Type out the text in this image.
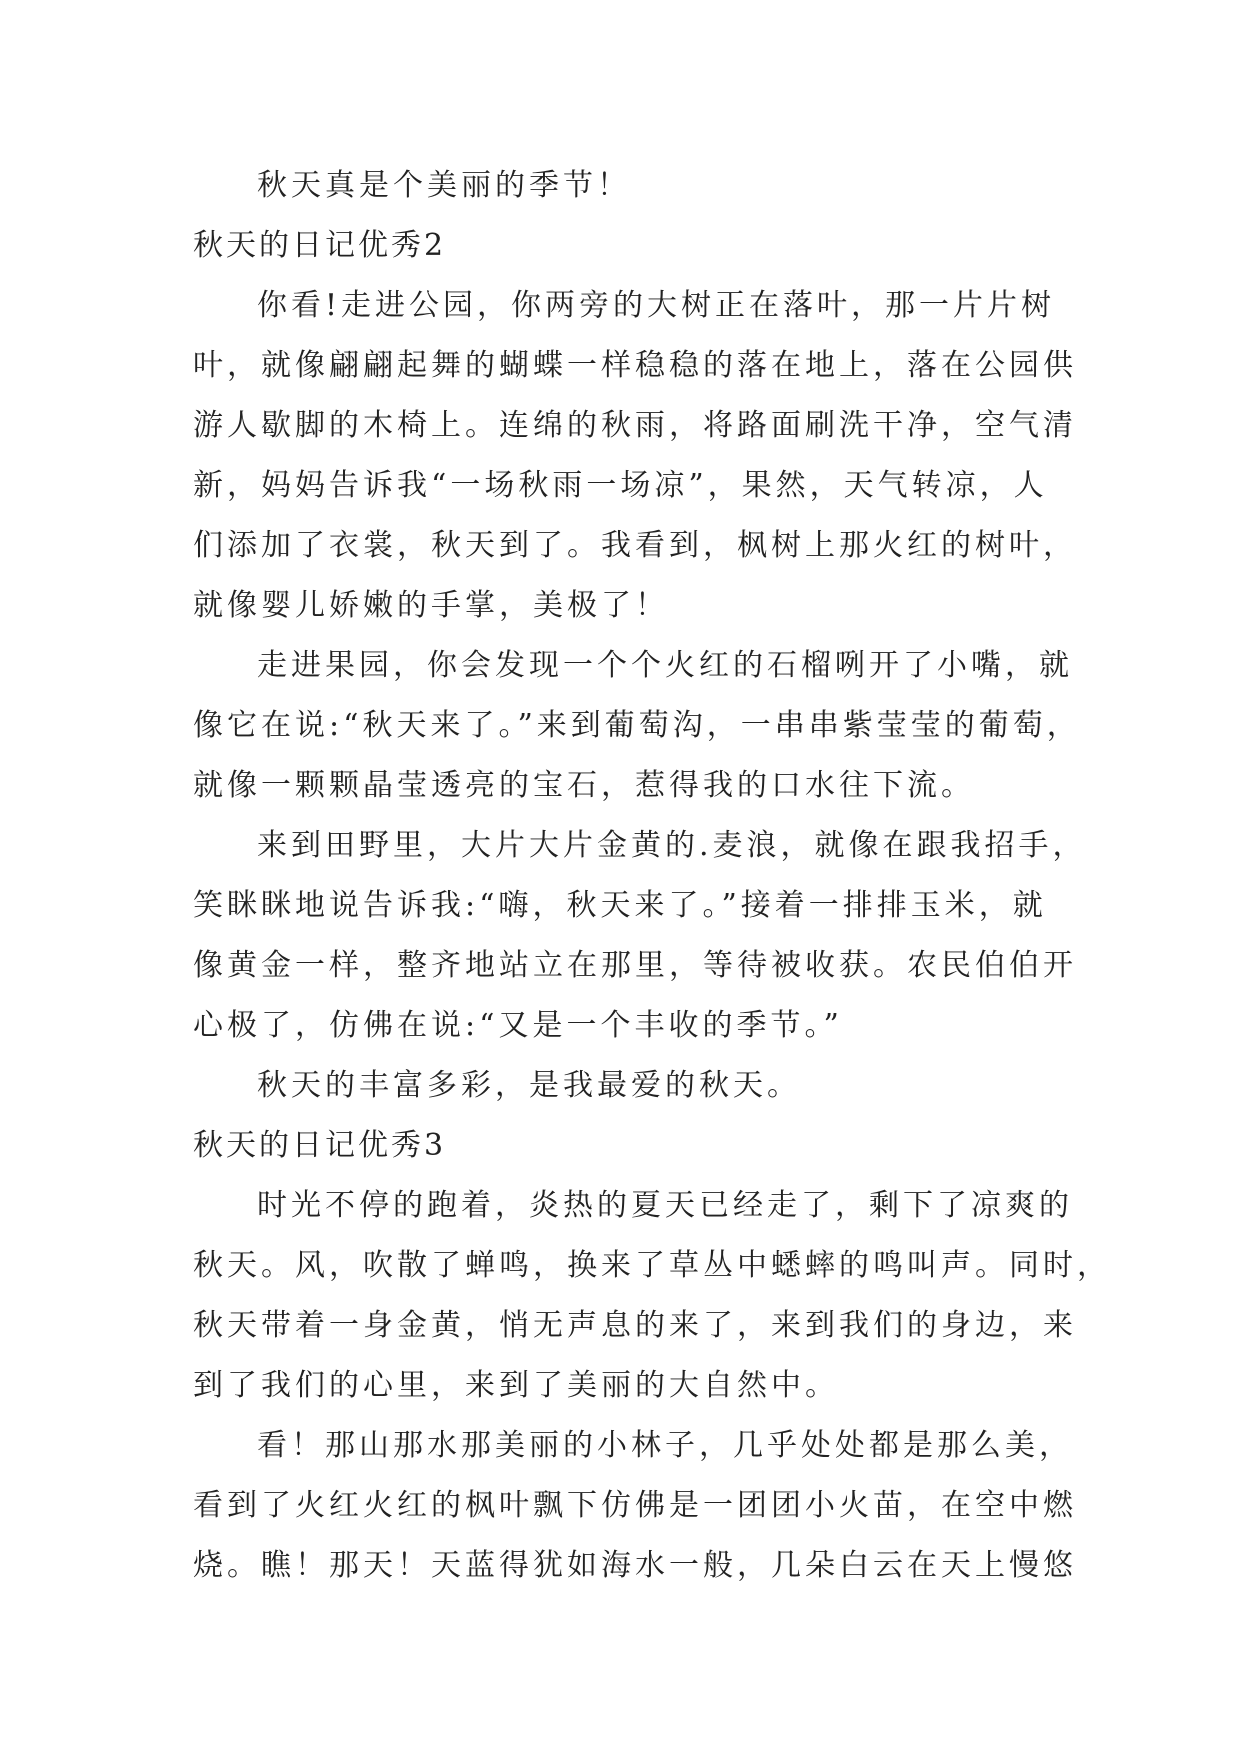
秋天真是个美丽的季节！
秋天的日记优秀2
你看!走进公园，你两旁的大树正在落叶，那一片片树
叶，就像翩翩起舞的蝴蝶一样稳稳的落在地上，落在公园供
游人歇脚的木椅上。连绵的秋雨，将路面刷洗干净，空气清
新，妈妈告诉我“一场秋雨一场凉”，果然，天气转凉，人
们添加了衣裳，秋天到了。我看到，枫树上那火红的树叶，
就像婴儿娇嫩的手掌，美极了！
走进果园，你会发现一个个火红的石榴咧开了小嘴，就
像它在说:“秋天来了。”来到葡萄沟，一串串紫莹莹的葡萄，
就像一颗颗晶莹透亮的宝石，惹得我的口水往下流。
来到田野里，大片大片金黄的.麦浪，就像在跟我招手，
笑眯眯地说告诉我:“嗨，秋天来了。”接着一排排玉米，就
像黄金一样，整齐地站立在那里，等待被收获。农民伯伯开
心极了，仿佛在说:“又是一个丰收的季节。”
秋天的丰富多彩，是我最爱的秋天。
秋天的日记优秀3
时光不停的跑着，炎热的夏天已经走了，剩下了凉爽的
秋天。风，吹散了蝉鸣，换来了草丛中蟋蟀的鸣叫声。同时，
秋天带着一身金黄，悄无声息的来了，来到我们的身边，来
到了我们的心里，来到了美丽的大自然中。
看！那山那水那美丽的小林子，几乎处处都是那么美，
看到了火红火红的枫叶飘下仿佛是一团团小火苗，在空中燃
烧。瞧！那天！天蓝得犹如海水一般，几朵白云在天上慢悠
